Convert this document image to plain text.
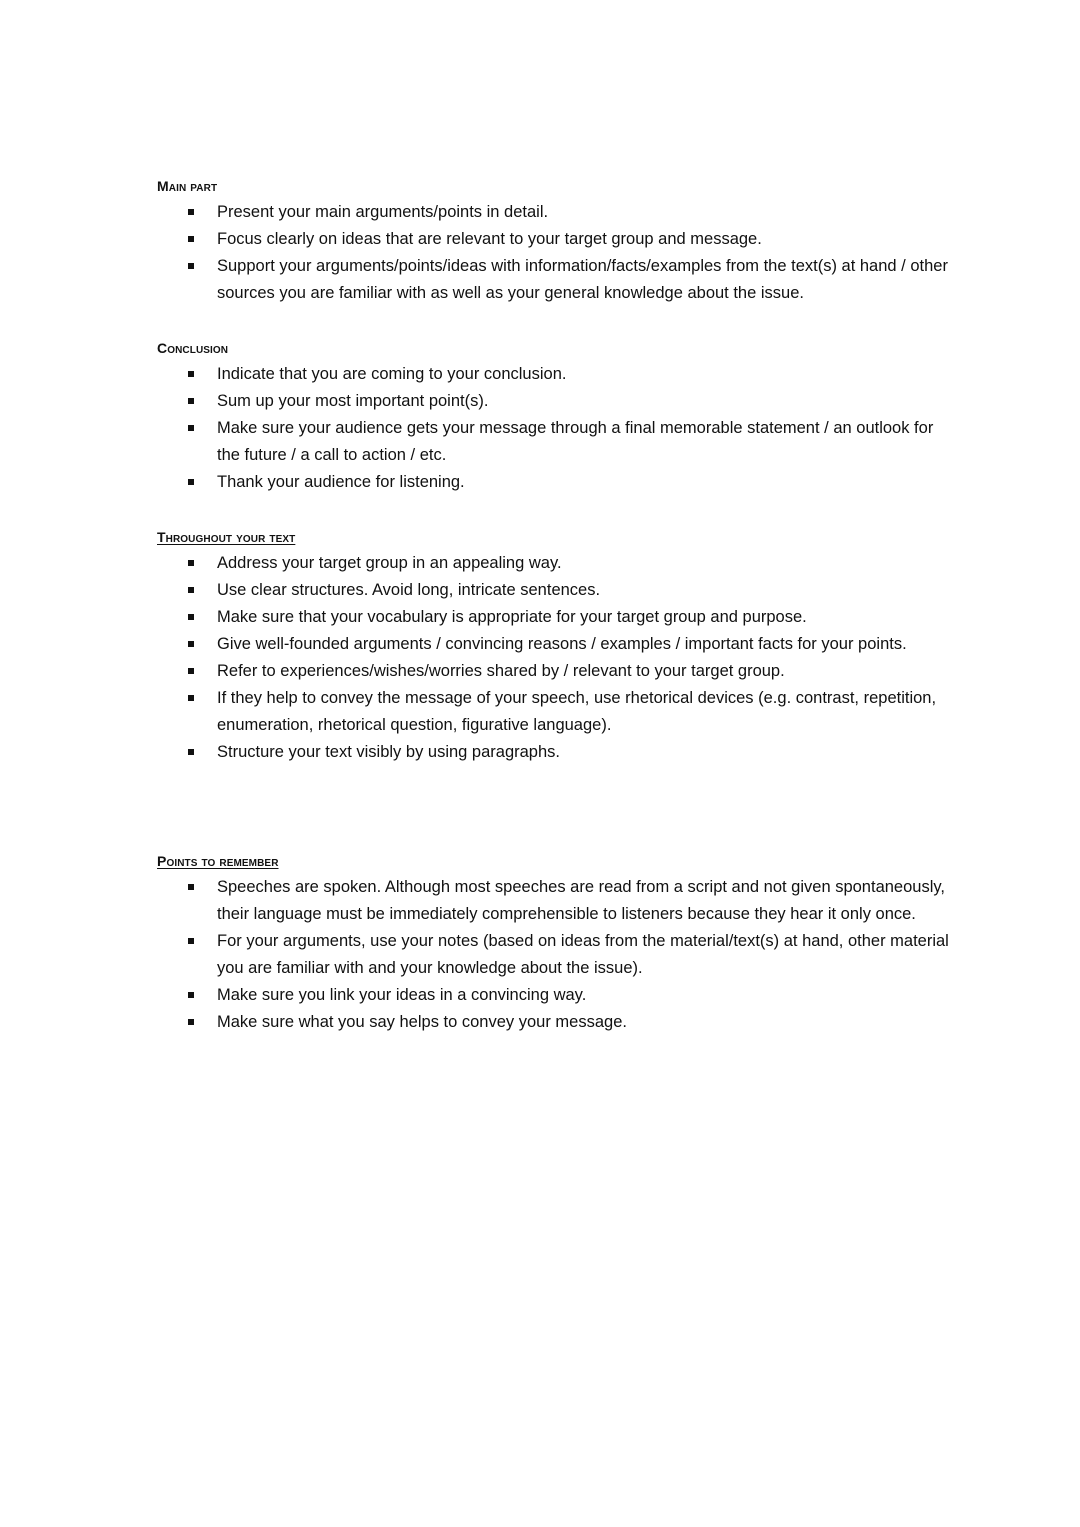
Main part
Present your main arguments/points in detail.
Focus clearly on ideas that are relevant to your target group and message.
Support your arguments/points/ideas with information/facts/examples from the text(s) at hand / other sources you are familiar with as well as your general knowledge about the issue.
Conclusion
Indicate that you are coming to your conclusion.
Sum up your most important point(s).
Make sure your audience gets your message through a final memorable statement / an outlook for the future / a call to action / etc.
Thank your audience for listening.
Throughout your text
Address your target group in an appealing way.
Use clear structures. Avoid long, intricate sentences.
Make sure that your vocabulary is appropriate for your target group and purpose.
Give well-founded arguments / convincing reasons / examples / important facts for your points.
Refer to experiences/wishes/worries shared by / relevant to your target group.
If they help to convey the message of your speech, use rhetorical devices (e.g. contrast, repetition, enumeration, rhetorical question, figurative language).
Structure your text visibly by using paragraphs.
Points to remember
Speeches are spoken. Although most speeches are read from a script and not given spontaneously, their language must be immediately comprehensible to listeners because they hear it only once.
For your arguments, use your notes (based on ideas from the material/text(s) at hand, other material you are familiar with and your knowledge about the issue).
Make sure you link your ideas in a convincing way.
Make sure what you say helps to convey your message.
